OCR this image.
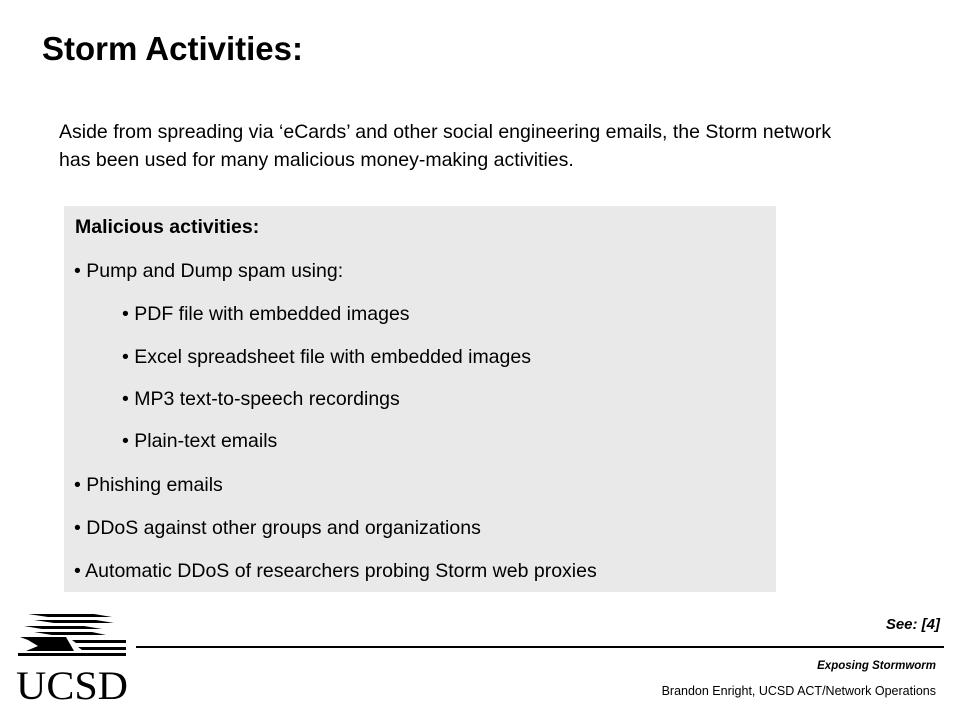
Storm Activities:

Aside from spreading via ‘eCards’ and other social engineering emails, the Storm network has been used for many malicious money-making activities.

Malicious activities:
• Pump and Dump spam using:
• PDF file with embedded images
• Excel spreadsheet file with embedded images
• MP3 text-to-speech recordings
• Plain-text emails
• Phishing emails
• DDoS against other groups and organizations
• Automatic DDoS of researchers probing Storm web proxies
See: [4]
UCSD	Exposing Stormworm
Brandon Enright, UCSD ACT/Network Operations
